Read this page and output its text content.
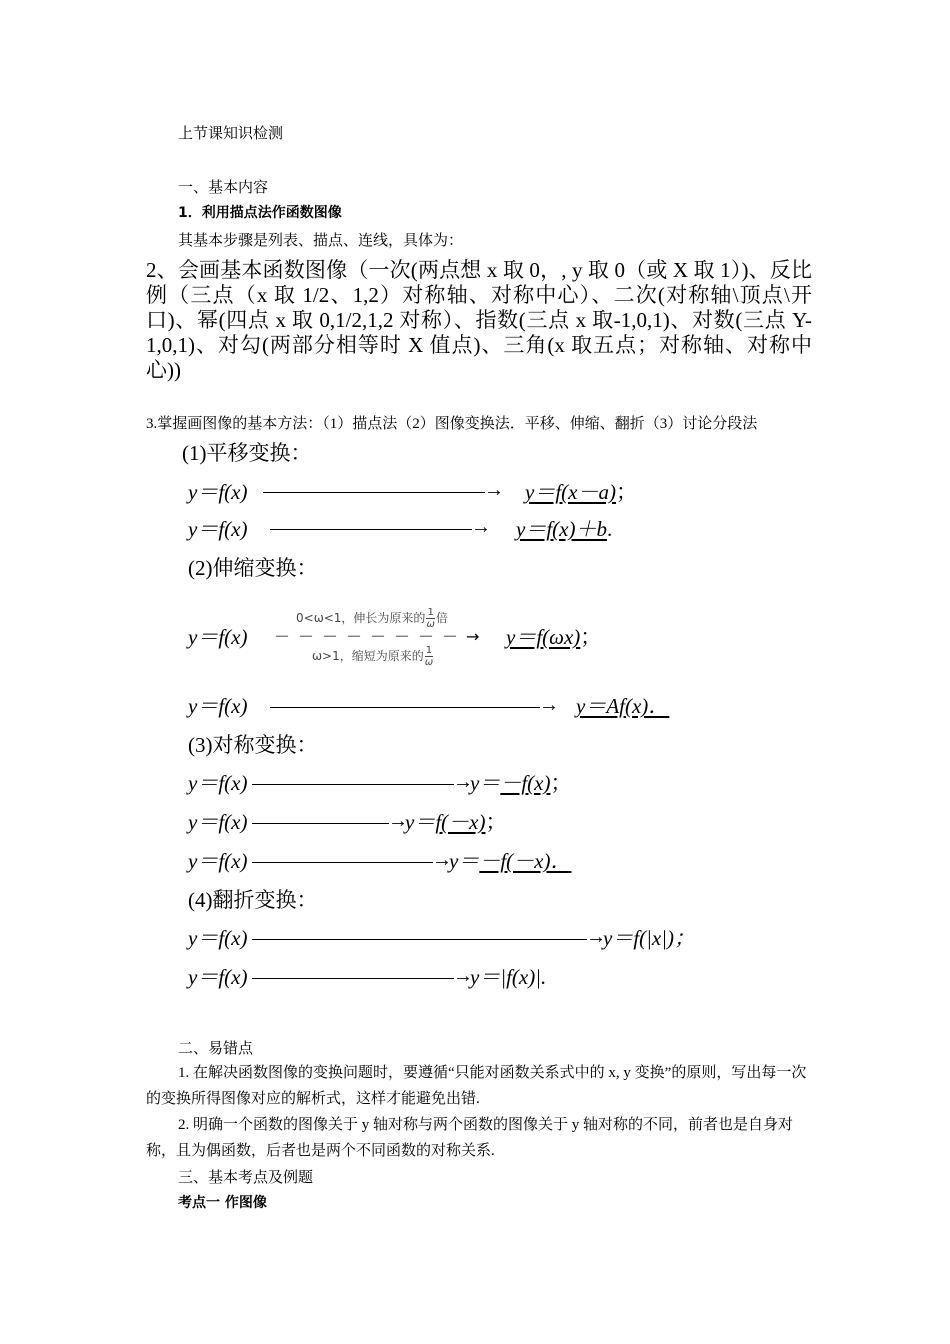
上节课知识检测
一、基本内容
1．利用描点法作函数图像
其基本步骤是列表、描点、连线，具体为：
2、会画基本函数图像（一次(两点想 x 取 0，, y 取 0（或 X 取 1）)、反比例（三点（x 取 1/2、1,2）对称轴、对称中心）、二次(对称轴\顶点\开口)、幂(四点 x 取 0,1/2,1,2 对称）、指数(三点 x 取-1,0,1)、对数(三点 Y-1,0,1)、对勾(两部分相等时 X 值点)、三角(x 取五点；对称轴、对称中心))
3.掌握画图像的基本方法：（1）描点法（2）图像变换法．平移、伸缩、翻折（3）讨论分段法
(1)平移变换：
y＝f(x)	→ y＝f(x－a)；
y＝f(x)	→ y＝f(x)＋b.
(2)伸缩变换：
0<ω<1，伸长为原来的 $\frac{1}{\omega}$ 倍
y＝f(x) －－－－－－－－→ y＝f(ωx)；
ω>1，缩短为原来的 $\frac{1}{\omega}$
y＝f(x)	→ y＝Af(x)．
(3)对称变换：
y＝f(x)	→
y＝－f(x)；
y＝f(x)	→
y＝f(－x)；
y＝f(x)	→
y＝－f(－x)．
(4)翻折变换：
y＝f(x)	→
y＝f(|x|)；
y＝f(x)	→
y＝|f(x)|.
二、易错点
1. 在解决函数图像的变换问题时，要遵循“只能对函数关系式中的 x, y 变换”的原则，写出每一次的变换所得图像对应的解析式，这样才能避免出错.
2. 明确一个函数的图像关于 y 轴对称与两个函数的图像关于 y 轴对称的不同，前者也是自身对称，且为偶函数，后者也是两个不同函数的对称关系.
三、基本考点及例题
考点一 作图像
